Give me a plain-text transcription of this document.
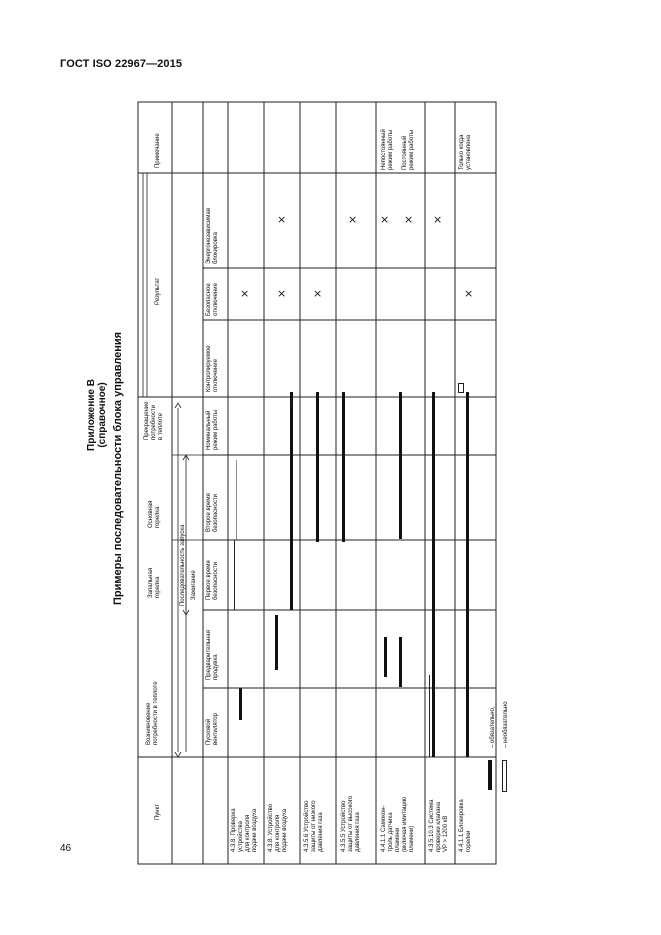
ГОСТ ISO 22967—2015
46
Приложение B (справочное) Примеры последовательности блока управления
Пункт
Возникновение
потребности в теплоте
Последовательность запуска Зажигание
Запальная
горелка
Основная
горелка
Прекращение
потребности
в теплоте
Результат
Примечание
Пусковой
вентилятор
Предварительная
продувка
Первое время
безопасности
Второе время
безопасности
Номинальный
режим работы
Контролируемое
отключение
Безопасное
отключение
Энергонезависимая
блокировка
4.3.8. Проверка
устройства
для контроля
подачи воздуха
4.3.8. Устройство
для контроля
подачи воздуха
4.3.5.6 Устройство
защиты от низкого
давления газа
4.3.5.5 Устройство
защиты от высокого
давления газа
4.4.1.1 Самокон-
троль датчика
пламени
(включая имитацию
пламени) 4.3.5.10.3 Система
проверки клапана
VP > 1200 кВ
4.4.1.1 Блокировка
горелки
Непостоянный
режим работы

Постоянный
режим работы
Только когда
установлена
×	×
×
×
× × × ×
×
– обязательно, – необязательно
